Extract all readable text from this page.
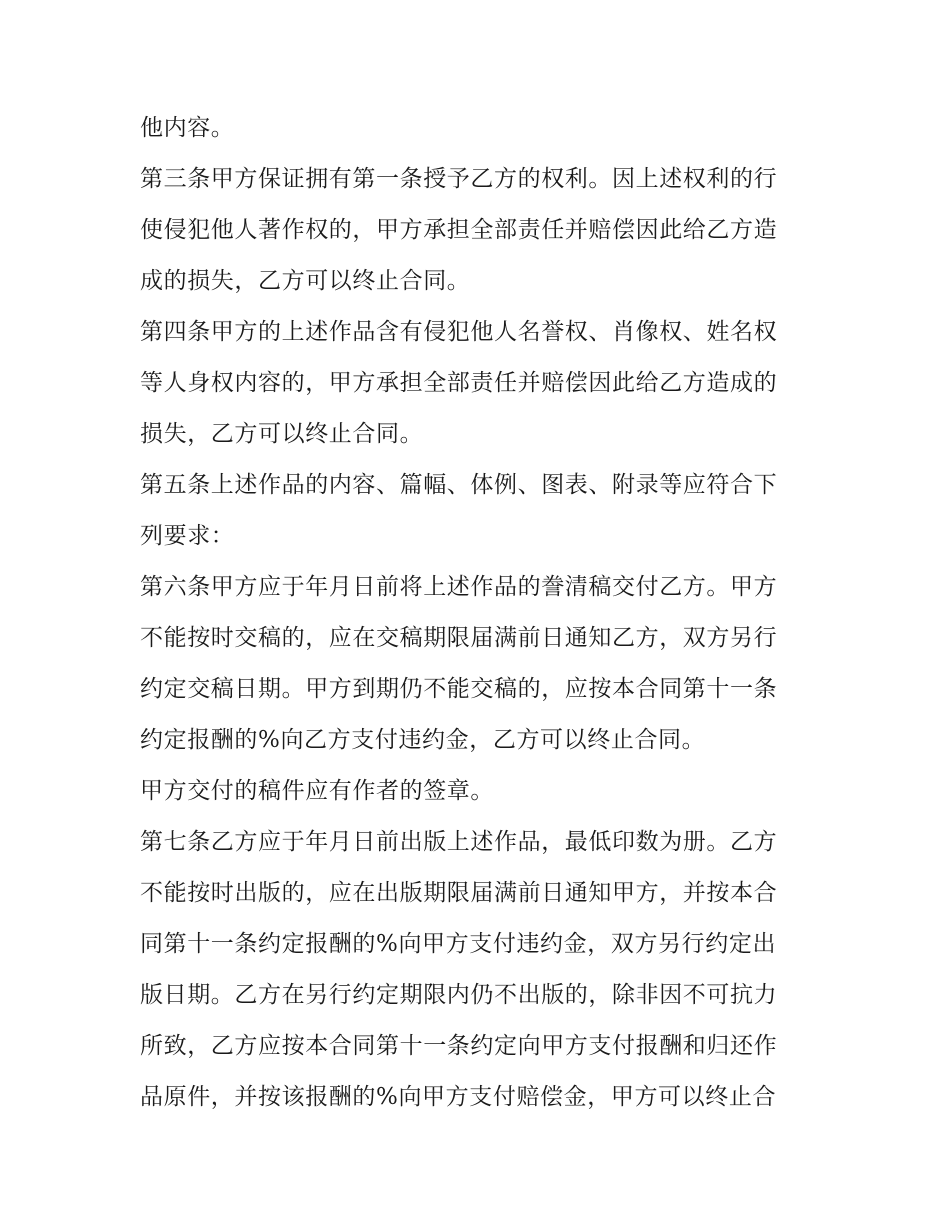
他内容。
第三条甲方保证拥有第一条授予乙方的权利。因上述权利的行
使侵犯他人著作权的，甲方承担全部责任并赔偿因此给乙方造
成的损失，乙方可以终止合同。
第四条甲方的上述作品含有侵犯他人名誉权、肖像权、姓名权
等人身权内容的，甲方承担全部责任并赔偿因此给乙方造成的
损失，乙方可以终止合同。
第五条上述作品的内容、篇幅、体例、图表、附录等应符合下
列要求：
第六条甲方应于年月日前将上述作品的誊清稿交付乙方。甲方
不能按时交稿的，应在交稿期限届满前日通知乙方，双方另行
约定交稿日期。甲方到期仍不能交稿的，应按本合同第十一条
约定报酬的%向乙方支付违约金，乙方可以终止合同。
甲方交付的稿件应有作者的签章。
第七条乙方应于年月日前出版上述作品，最低印数为册。乙方
不能按时出版的，应在出版期限届满前日通知甲方，并按本合
同第十一条约定报酬的%向甲方支付违约金，双方另行约定出
版日期。乙方在另行约定期限内仍不出版的，除非因不可抗力
所致，乙方应按本合同第十一条约定向甲方支付报酬和归还作
品原件，并按该报酬的%向甲方支付赔偿金，甲方可以终止合
